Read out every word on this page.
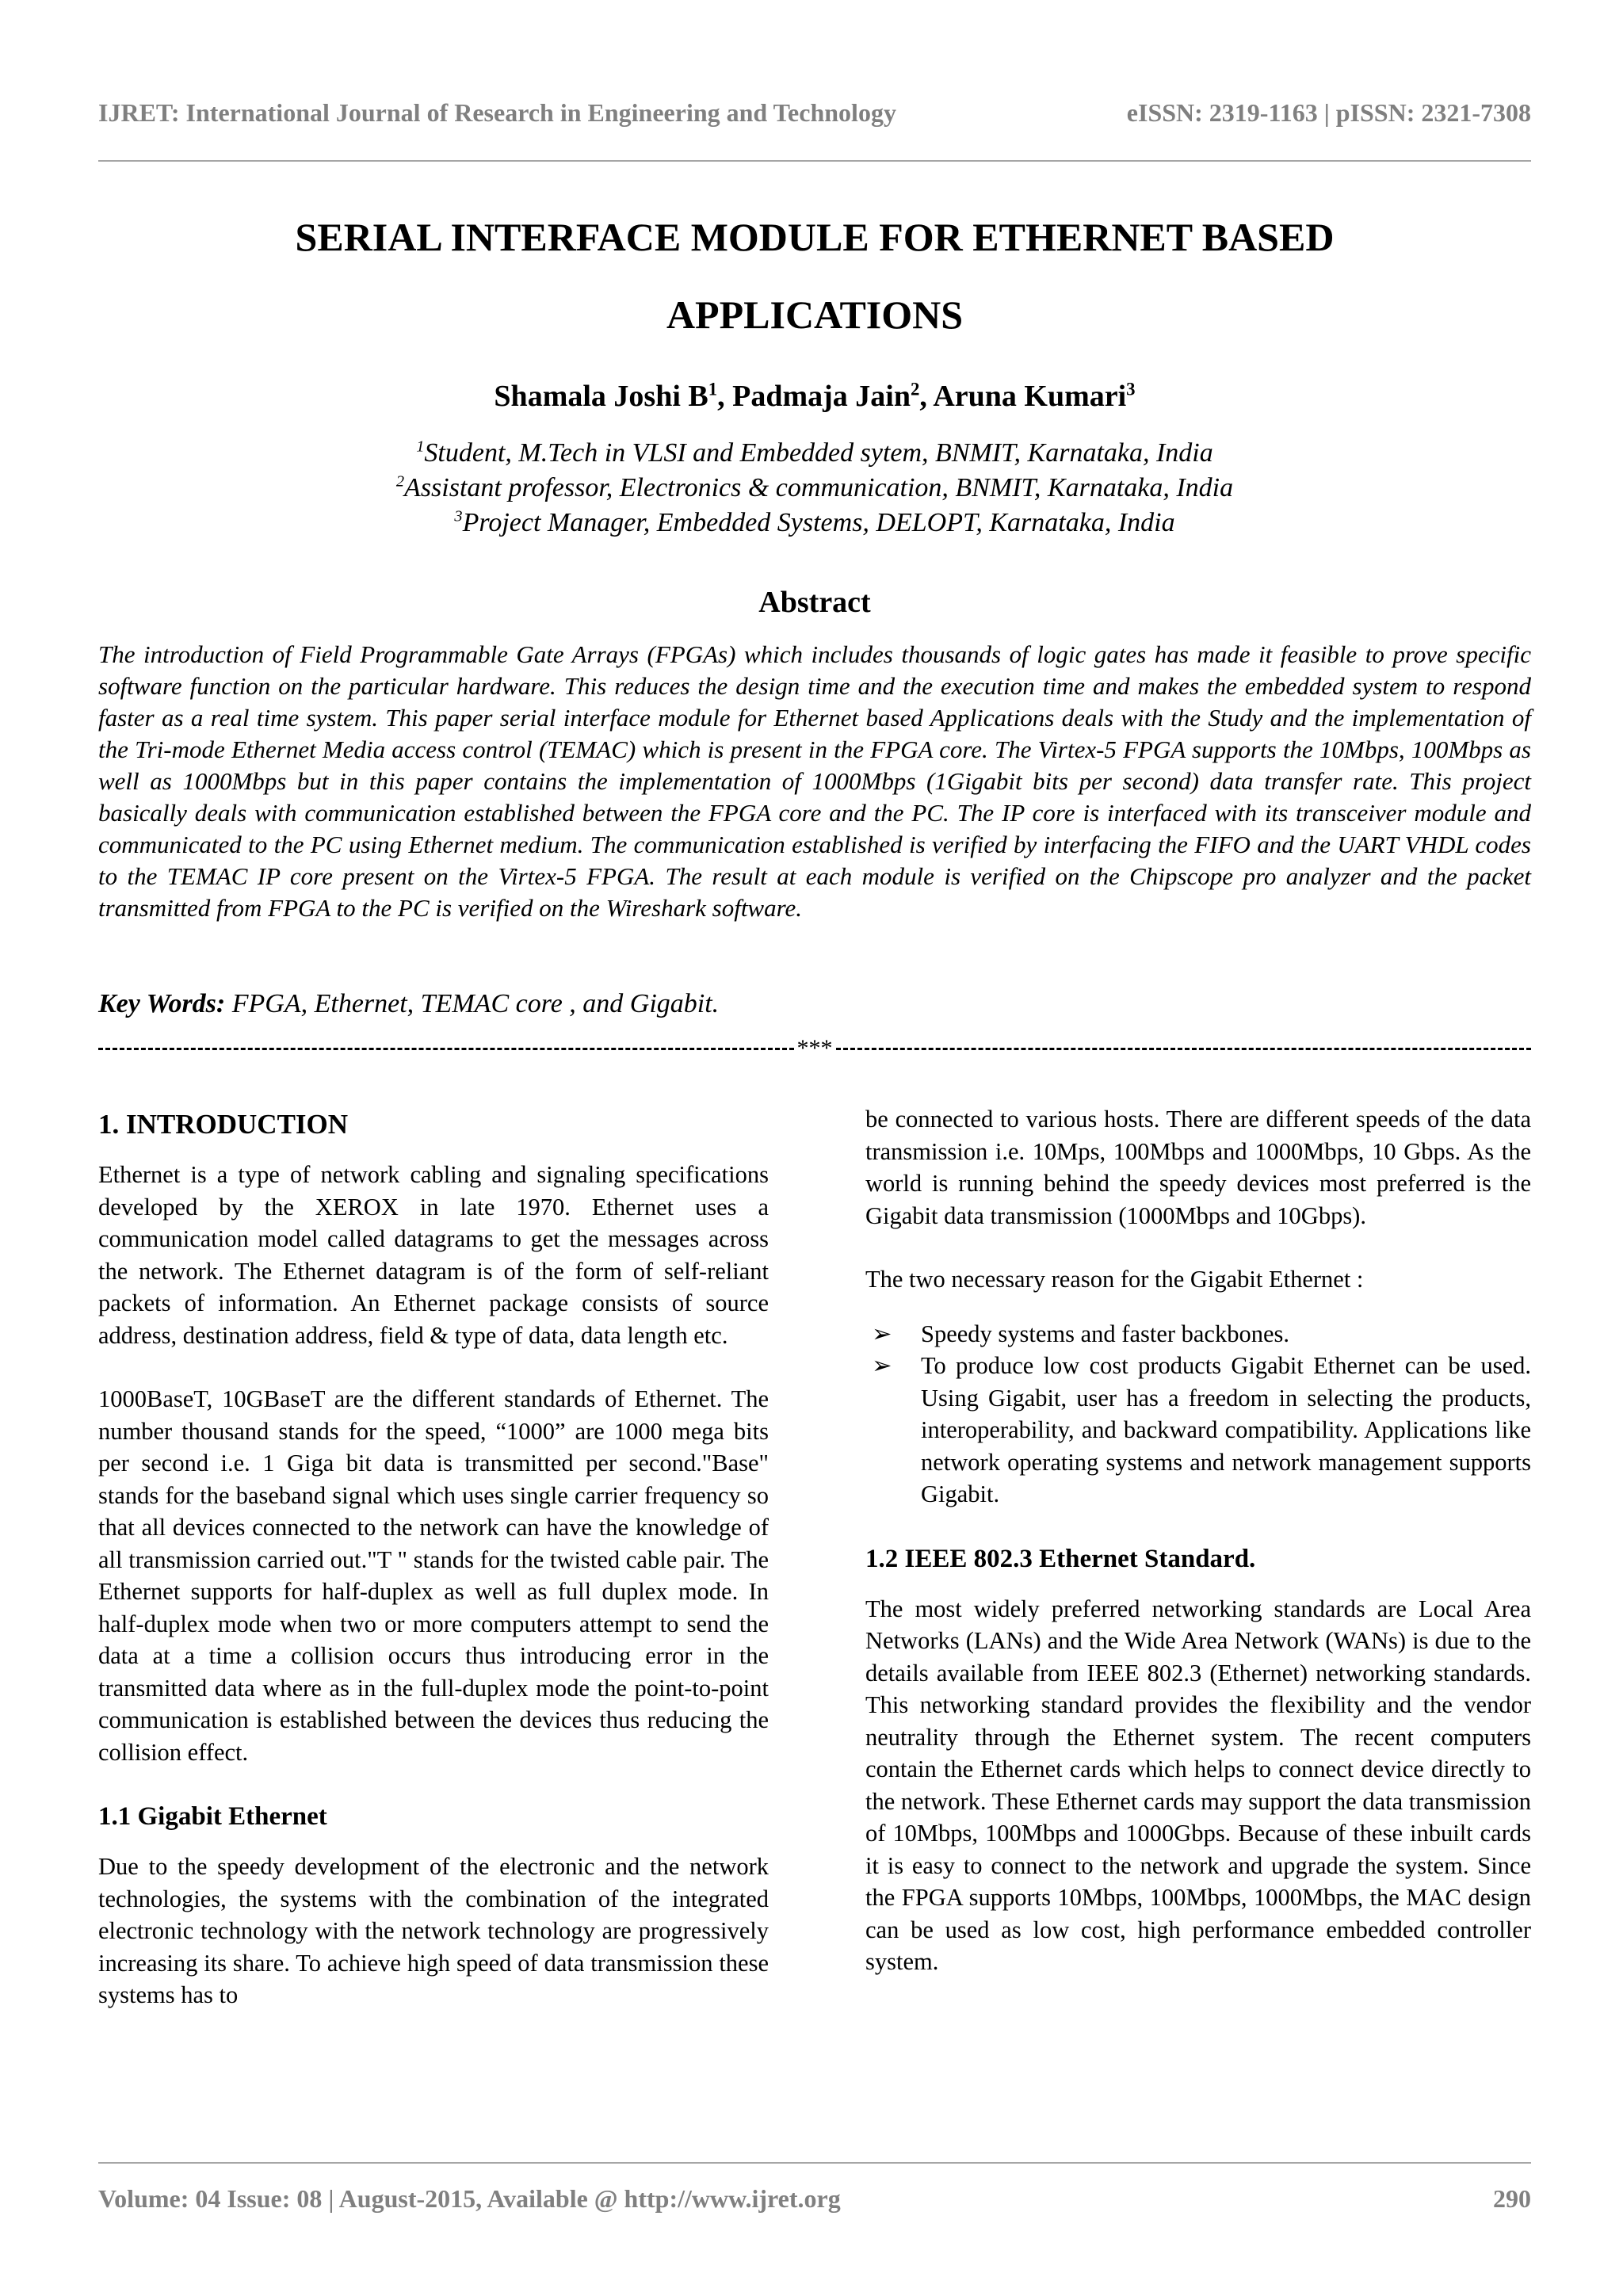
IJRET: International Journal of Research in Engineering and Technology	eISSN: 2319-1163 | pISSN: 2321-7308
SERIAL INTERFACE MODULE FOR ETHERNET BASED
APPLICATIONS

Shamala Joshi $B^1$, Padmaja Jain$^2$, Aruna Kumari$^3$

$^1$Student, M.Tech in VLSI and Embedded sytem, BNMIT, Karnataka, India

$^2$Assistant professor, Electronics & communication, BNMIT, Karnataka, India

$^3$Project Manager, Embedded Systems, DELOPT, Karnataka, India

Abstract

The introduction of Field Programmable Gate Arrays (FPGAs) which includes thousands of logic gates has made it feasible to prove specific software function on the particular hardware. This reduces the design time and the execution time and makes the embedded system to respond faster as a real time system. This paper serial interface module for Ethernet based Applications deals with the Study and the implementation of the Tri-mode Ethernet Media access control (TEMAC) which is present in the FPGA core. The Virtex-5 FPGA supports the 10Mbps, 100Mbps as well as 1000Mbps but in this paper contains the implementation of 1000Mbps (1Gigabit bits per second) data transfer rate. This project basically deals with communication established between the FPGA core and the PC. The IP core is interfaced with its transceiver module and communicated to the PC using Ethernet medium. The communication established is verified by interfacing the FIFO and the UART VHDL codes to the TEMAC IP core present on the Virtex-5 FPGA. The result at each module is verified on the Chipscope pro analyzer and the packet transmitted from FPGA to the PC is verified on the Wireshark software.

Key Words: FPGA, Ethernet, TEMAC core , and Gigabit.

***
1. INTRODUCTION

Ethernet is a type of network cabling and signaling specifications developed by the XEROX in late 1970. Ethernet uses a communication model called datagrams to get the messages across the network. The Ethernet datagram is of the form of self-reliant packets of information. An Ethernet package consists of source address, destination address, field & type of data, data length etc.

1000BaseT, 10GBaseT are the different standards of Ethernet. The number thousand stands for the speed, “1000” are 1000 mega bits per second i.e. 1 Giga bit data is transmitted per second."Base" stands for the baseband signal which uses single carrier frequency so that all devices connected to the network can have the knowledge of all transmission carried out."T " stands for the twisted cable pair. The Ethernet supports for half-duplex as well as full duplex mode. In half-duplex mode when two or more computers attempt to send the data at a time a collision occurs thus introducing error in the transmitted data where as in the full-duplex mode the point-to-point communication is established between the devices thus reducing the collision effect.

1.1 Gigabit Ethernet

Due to the speedy development of the electronic and the network technologies, the systems with the combination of the integrated electronic technology with the network technology are progressively increasing its share. To achieve high speed of data transmission these systems has to

be connected to various hosts. There are different speeds of the data transmission i.e. 10Mps, 100Mbps and 1000Mbps, 10 Gbps. As the world is running behind the speedy devices most preferred is the Gigabit data transmission (1000Mbps and 10Gbps).

The two necessary reason for the Gigabit Ethernet :

➢	Speedy systems and faster backbones.
➢	To produce low cost products Gigabit Ethernet can be used. Using Gigabit, user has a freedom in selecting the products, interoperability, and backward compatibility. Applications like network operating systems and network management supports Gigabit.
1.2 IEEE 802.3 Ethernet Standard.

The most widely preferred networking standards are Local Area Networks (LANs) and the Wide Area Network (WANs) is due to the details available from IEEE 802.3 (Ethernet) networking standards. This networking standard provides the flexibility and the vendor neutrality through the Ethernet system. The recent computers contain the Ethernet cards which helps to connect device directly to the network. These Ethernet cards may support the data transmission of 10Mbps, 100Mbps and 1000Gbps. Because of these inbuilt cards it is easy to connect to the network and upgrade the system. Since the FPGA supports 10Mbps, 100Mbps, 1000Mbps, the MAC design can be used as low cost, high performance embedded controller system.

Volume: 04 Issue: 08 | August-2015, Available @ http://www.ijret.org	290
